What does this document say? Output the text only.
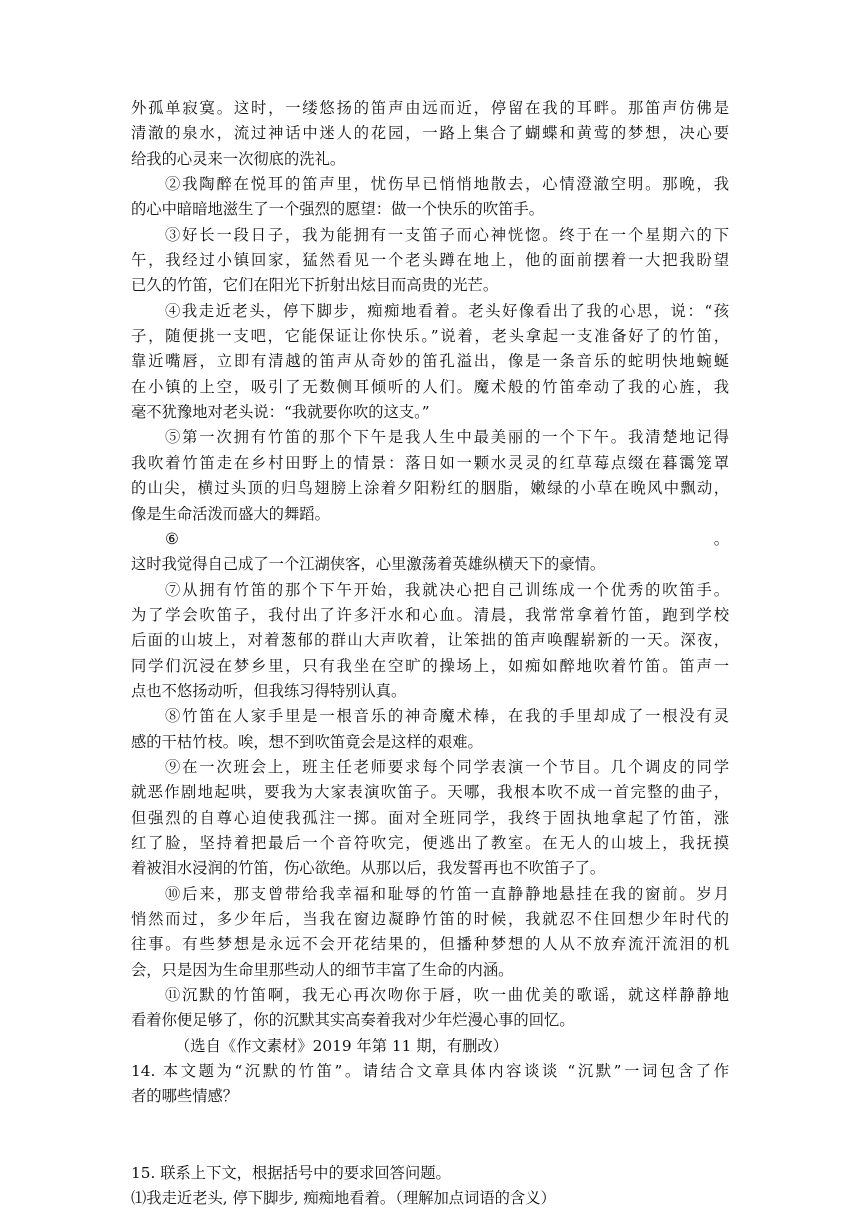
外孤单寂寞。这时，一缕悠扬的笛声由远而近，停留在我的耳畔。那笛声仿佛是
清澈的泉水，流过神话中迷人的花园，一路上集合了蝴蝶和黄莺的梦想，决心要
给我的心灵来一次彻底的洗礼。
②我陶醉在悦耳的笛声里，忧伤早已悄悄地散去，心情澄澈空明。那晚，我
的心中暗暗地滋生了一个强烈的愿望：做一个快乐的吹笛手。
③好长一段日子，我为能拥有一支笛子而心神恍惚。终于在一个星期六的下
午，我经过小镇回家，猛然看见一个老头蹲在地上，他的面前摆着一大把我盼望
已久的竹笛，它们在阳光下折射出炫目而高贵的光芒。
④我走近老头，停下脚步，痴痴地看着。老头好像看出了我的心思，说：“孩
子，随便挑一支吧，它能保证让你快乐。”说着，老头拿起一支准备好了的竹笛，
靠近嘴唇，立即有清越的笛声从奇妙的笛孔溢出，像是一条音乐的蛇明快地蜿蜒
在小镇的上空，吸引了无数侧耳倾听的人们。魔术般的竹笛牵动了我的心旌，我
毫不犹豫地对老头说：“我就要你吹的这支。”
⑤第一次拥有竹笛的那个下午是我人生中最美丽的一个下午。我清楚地记得
我吹着竹笛走在乡村田野上的情景：落日如一颗水灵灵的红草莓点缀在暮霭笼罩
的山尖，横过头顶的归鸟翅膀上涂着夕阳粉红的胭脂，嫩绿的小草在晚风中飘动，
像是生命活泼而盛大的舞蹈。
⑥	。
这时我觉得自己成了一个江湖侠客，心里激荡着英雄纵横天下的豪情。
⑦从拥有竹笛的那个下午开始，我就决心把自己训练成一个优秀的吹笛手。
为了学会吹笛子，我付出了许多汗水和心血。清晨，我常常拿着竹笛，跑到学校
后面的山坡上，对着葱郁的群山大声吹着，让笨拙的笛声唤醒崭新的一天。深夜，
同学们沉浸在梦乡里，只有我坐在空旷的操场上，如痴如醉地吹着竹笛。笛声一
点也不悠扬动听，但我练习得特别认真。
⑧竹笛在人家手里是一根音乐的神奇魔术棒，在我的手里却成了一根没有灵
感的干枯竹枝。唉，想不到吹笛竟会是这样的艰难。
⑨在一次班会上，班主任老师要求每个同学表演一个节目。几个调皮的同学
就恶作剧地起哄，要我为大家表演吹笛子。天哪，我根本吹不成一首完整的曲子，
但强烈的自尊心迫使我孤注一掷。面对全班同学，我终于固执地拿起了竹笛，涨
红了脸，坚持着把最后一个音符吹完，便逃出了教室。在无人的山坡上，我抚摸
着被泪水浸润的竹笛，伤心欲绝。从那以后，我发誓再也不吹笛子了。
⑩后来，那支曾带给我幸福和耻辱的竹笛一直静静地悬挂在我的窗前。岁月
悄然而过，多少年后，当我在窗边凝睁竹笛的时候，我就忍不住回想少年时代的
往事。有些梦想是永远不会开花结果的，但播种梦想的人从不放弃流汗流泪的机
会，只是因为生命里那些动人的细节丰富了生命的内涵。
⑪沉默的竹笛啊，我无心再次吻你于唇，吹一曲优美的歌谣，就这样静静地
看着你便足够了，你的沉默其实高奏着我对少年烂漫心事的回忆。
（选自《作文素材》2019 年第 11 期，有删改）
14. 本文题为“沉默的竹笛”。请结合文章具体内容谈谈 “沉默”一词包含了作
者的哪些情感？
15. 联系上下文，根据括号中的要求回答问题。
⑴我走近老头, 停下脚步, 痴痴地看着。（理解加点词语的含义）
